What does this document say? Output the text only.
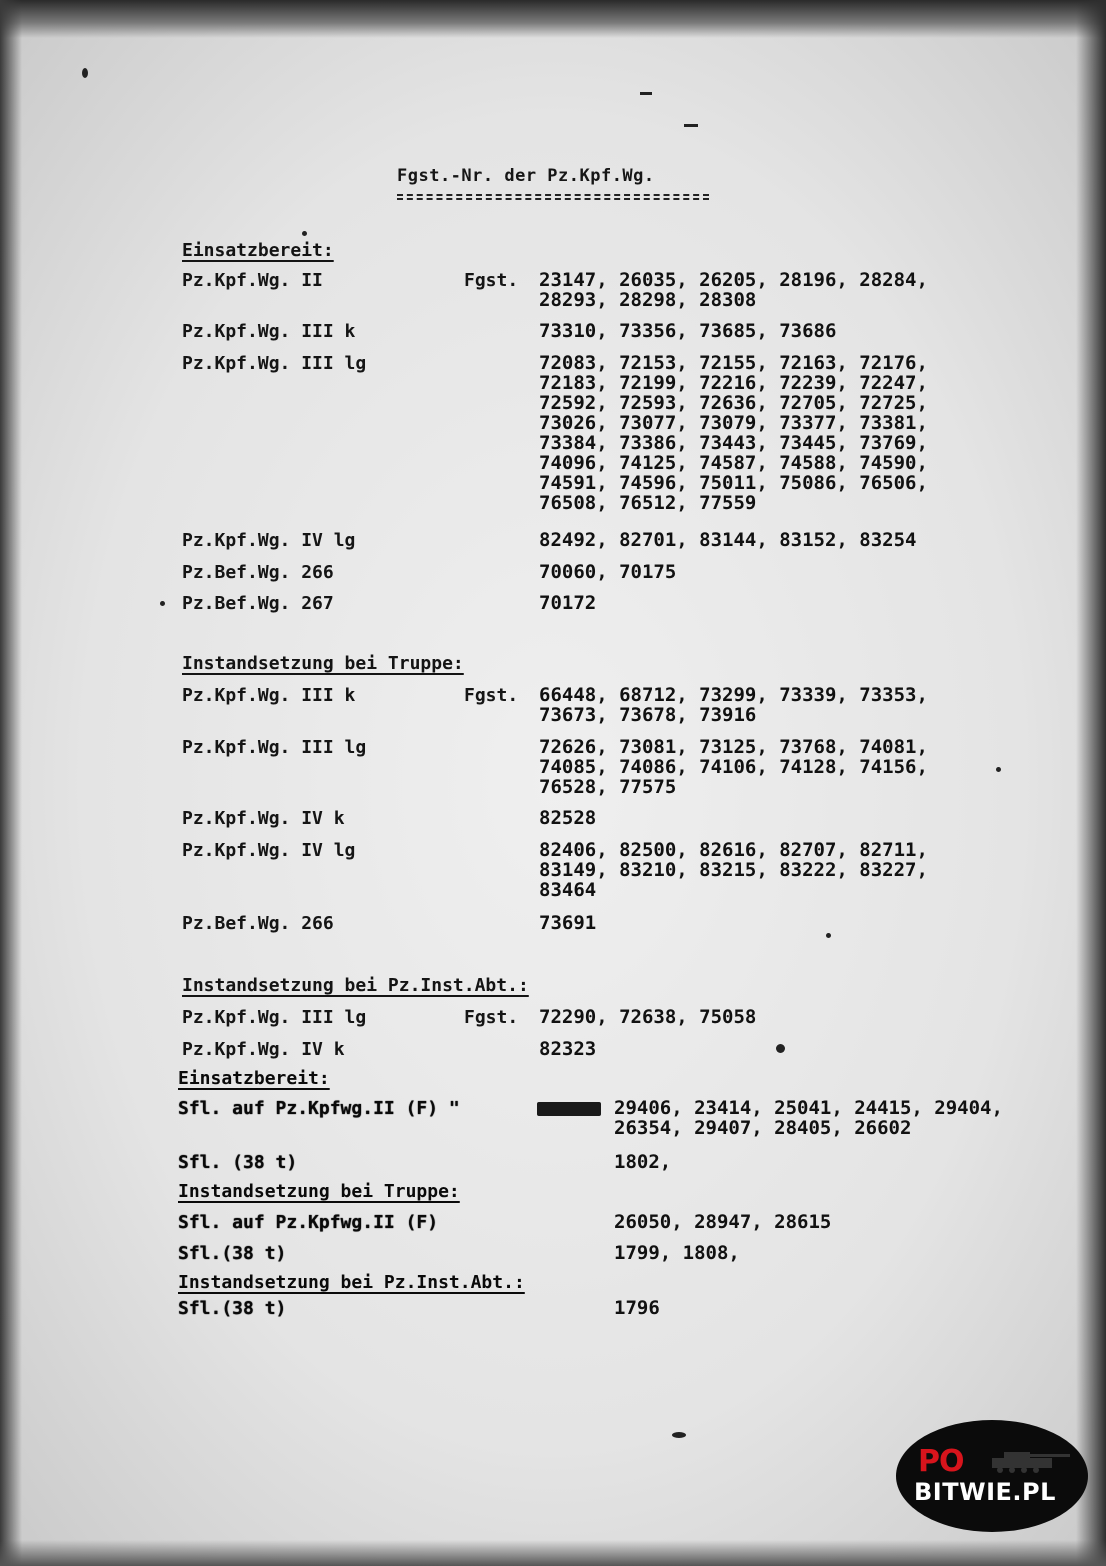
Fgst.-Nr. der Pz.Kpf.Wg.
Einsatzbereit:
Pz.Kpf.Wg. II	Fgst. 23147, 26035, 26205, 28196, 28284,
28293, 28298, 28308
Pz.Kpf.Wg. III k	73310, 73356, 73685, 73686
Pz.Kpf.Wg. III lg	72083, 72153, 72155, 72163, 72176,
72183, 72199, 72216, 72239, 72247,
72592, 72593, 72636, 72705, 72725,
73026, 73077, 73079, 73377, 73381,
73384, 73386, 73443, 73445, 73769,
74096, 74125, 74587, 74588, 74590,
74591, 74596, 75011, 75086, 76506,
76508, 76512, 77559
Pz.Kpf.Wg. IV lg	82492, 82701, 83144, 83152, 83254
Pz.Bef.Wg. 266	70060, 70175
Pz.Bef.Wg. 267	70172
Instandsetzung bei Truppe:
Pz.Kpf.Wg. III k	Fgst. 66448, 68712, 73299, 73339, 73353,
73673, 73678, 73916
Pz.Kpf.Wg. III lg	72626, 73081, 73125, 73768, 74081,
74085, 74086, 74106, 74128, 74156,
76528, 77575
Pz.Kpf.Wg. IV k	82528
Pz.Kpf.Wg. IV lg	82406, 82500, 82616, 82707, 82711,
83149, 83210, 83215, 83222, 83227,
83464
Pz.Bef.Wg. 266	73691
Instandsetzung bei Pz.Inst.Abt.:
Pz.Kpf.Wg. III lg	Fgst. 72290, 72638, 75058
Pz.Kpf.Wg. IV k	82323
Einsatzbereit:
Sfl. auf Pz.Kpfwg.II (F) "	29406, 23414, 25041, 24415, 29404,
26354, 29407, 28405, 26602
Sfl. (38 t)	1802,
Instandsetzung bei Truppe:
Sfl. auf Pz.Kpfwg.II (F)	26050, 28947, 28615
Sfl.(38 t)	1799, 1808,
Instandsetzung bei Pz.Inst.Abt.:
Sfl.(38 t)	1796
PO
BITWIE.PL
